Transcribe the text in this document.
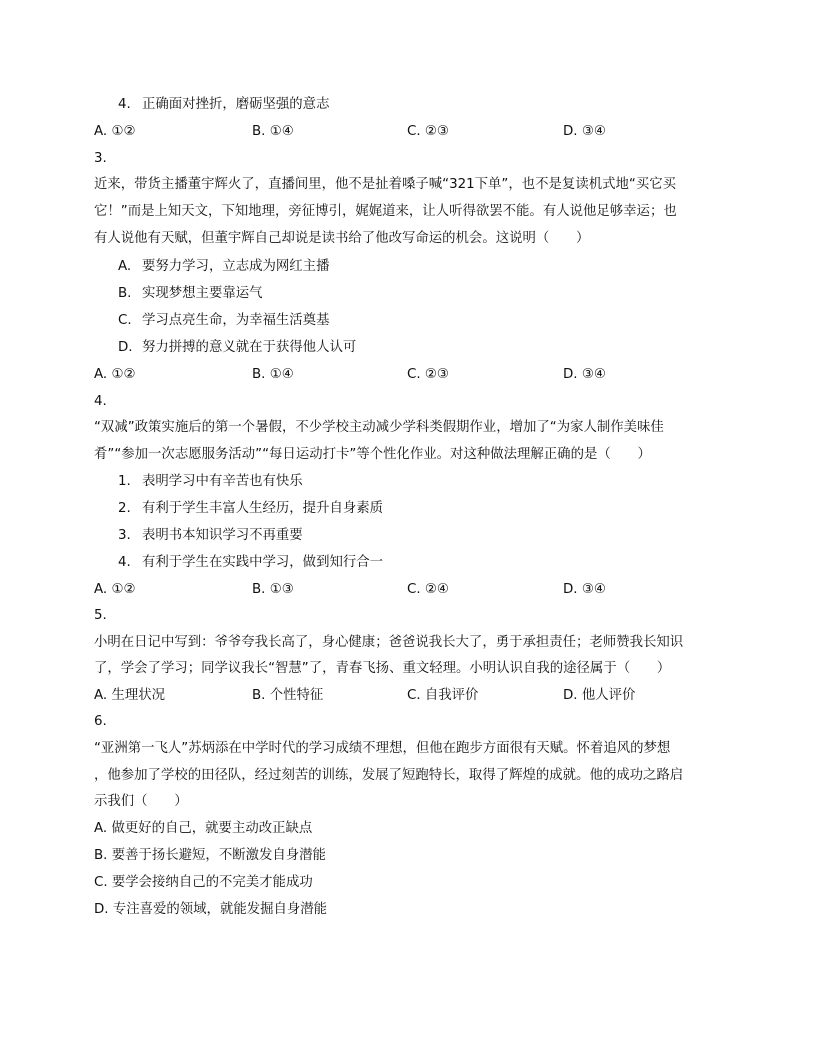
4. 正确面对挫折，磨砺坚强的意志
A. ①②	B. ①④	C. ②③	D. ③④
3.
近来，带货主播董宇辉火了，直播间里，他不是扯着嗓子喊“321下单”，也不是复读机式地“买它买
它！”而是上知天文，下知地理，旁征博引，娓娓道来，让人听得欲罢不能。有人说他足够幸运；也
有人说他有天赋，但董宇辉自己却说是读书给了他改写命运的机会。这说明（　　）
A. 要努力学习，立志成为网红主播
B. 实现梦想主要靠运气
C. 学习点亮生命，为幸福生活奠基
D. 努力拼搏的意义就在于获得他人认可
A. ①②	B. ①④	C. ②③	D. ③④
4.
“双减”政策实施后的第一个暑假，不少学校主动减少学科类假期作业，增加了“为家人制作美味佳
肴”“参加一次志愿服务活动”“每日运动打卡”等个性化作业。对这种做法理解正确的是（　　）
1. 表明学习中有辛苦也有快乐
2. 有利于学生丰富人生经历，提升自身素质
3. 表明书本知识学习不再重要
4. 有利于学生在实践中学习，做到知行合一
A. ①②	B. ①③	C. ②④	D. ③④
5.
小明在日记中写到：爷爷夸我长高了，身心健康；爸爸说我长大了，勇于承担责任；老师赞我长知识
了，学会了学习；同学议我长“智慧”了，青春飞扬、重文轻理。小明认识自我的途径属于（　　）
A. 生理状况	B. 个性特征	C. 自我评价	D. 他人评价
6.
“亚洲第一飞人”苏炳添在中学时代的学习成绩不理想，但他在跑步方面很有天赋。怀着追风的梦想
，他参加了学校的田径队，经过刻苦的训练，发展了短跑特长，取得了辉煌的成就。他的成功之路启
示我们（　　）
A. 做更好的自己，就要主动改正缺点
B. 要善于扬长避短，不断激发自身潜能
C. 要学会接纳自己的不完美才能成功
D. 专注喜爱的领域，就能发掘自身潜能
